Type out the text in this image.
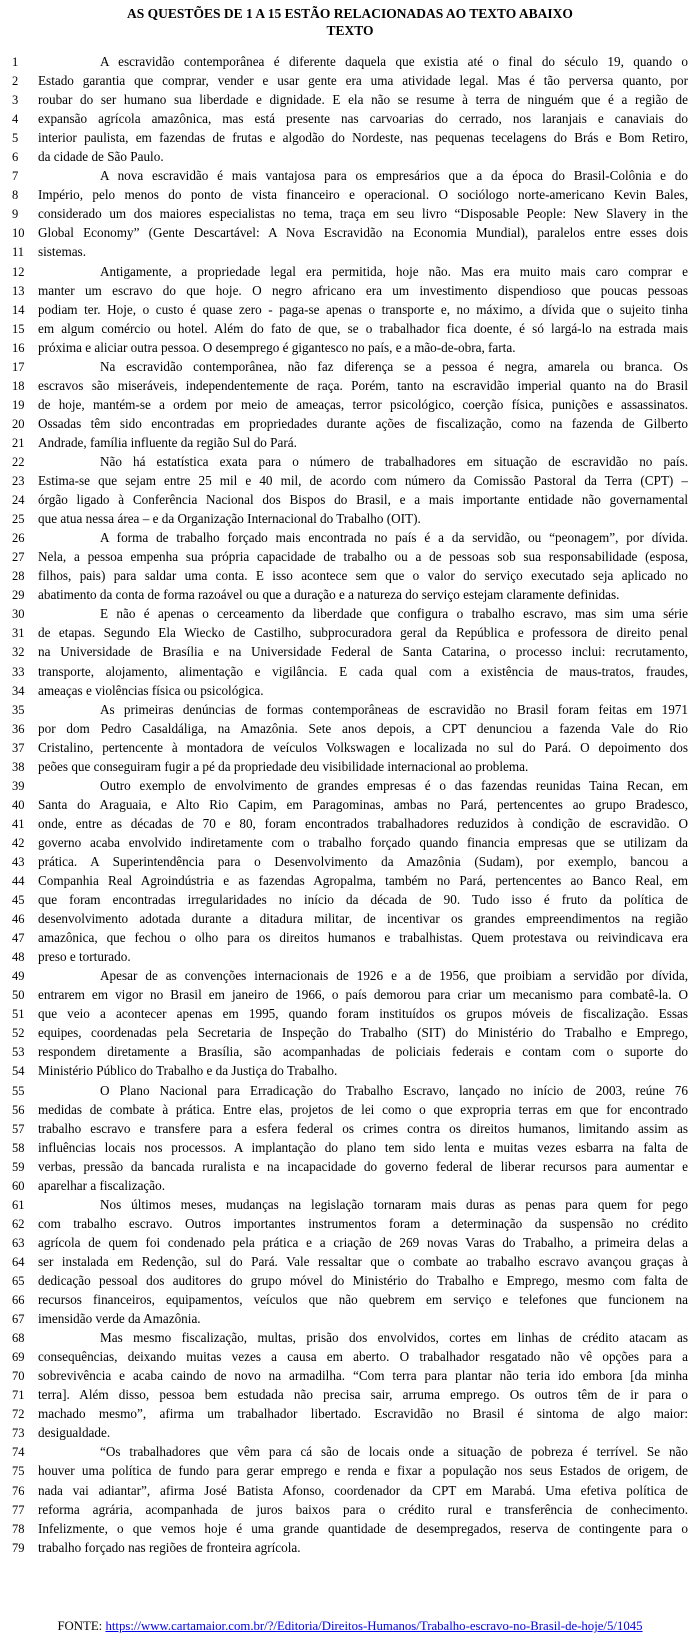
AS QUESTÕES DE 1 A 15 ESTÃO RELACIONADAS AO TEXTO ABAIXO
TEXTO
1	A escravidão contemporânea é diferente daquela que existia até o final do século 19, quando o
2	Estado garantia que comprar, vender e usar gente era uma atividade legal. Mas é tão perversa quanto, por
3	roubar do ser humano sua liberdade e dignidade. E ela não se resume à terra de ninguém que é a região de
4	expansão agrícola amazônica, mas está presente nas carvoarias do cerrado, nos laranjais e canaviais do
5	interior paulista, em fazendas de frutas e algodão do Nordeste, nas pequenas tecelagens do Brás e Bom Retiro,
6	da cidade de São Paulo.
7	A nova escravidão é mais vantajosa para os empresários que a da época do Brasil-Colônia e do
8	Império, pelo menos do ponto de vista financeiro e operacional. O sociólogo norte-americano Kevin Bales,
9	considerado um dos maiores especialistas no tema, traça em seu livro “Disposable People: New Slavery in the
10	Global Economy” (Gente Descartável: A Nova Escravidão na Economia Mundial), paralelos entre esses dois
11	sistemas.
12	Antigamente, a propriedade legal era permitida, hoje não. Mas era muito mais caro comprar e
13	manter um escravo do que hoje. O negro africano era um investimento dispendioso que poucas pessoas
14	podiam ter. Hoje, o custo é quase zero - paga-se apenas o transporte e, no máximo, a dívida que o sujeito tinha
15	em algum comércio ou hotel. Além do fato de que, se o trabalhador fica doente, é só largá-lo na estrada mais
16	próxima e aliciar outra pessoa. O desemprego é gigantesco no país, e a mão-de-obra, farta.
17	Na escravidão contemporânea, não faz diferença se a pessoa é negra, amarela ou branca. Os
18	escravos são miseráveis, independentemente de raça. Porém, tanto na escravidão imperial quanto na do Brasil
19	de hoje, mantém-se a ordem por meio de ameaças, terror psicológico, coerção física, punições e assassinatos.
20	Ossadas têm sido encontradas em propriedades durante ações de fiscalização, como na fazenda de Gilberto
21	Andrade, família influente da região Sul do Pará.
22	Não há estatística exata para o número de trabalhadores em situação de escravidão no país.
23	Estima-se que sejam entre 25 mil e 40 mil, de acordo com número da Comissão Pastoral da Terra (CPT) –
24	órgão ligado à Conferência Nacional dos Bispos do Brasil, e a mais importante entidade não governamental
25	que atua nessa área – e da Organização Internacional do Trabalho (OIT).
26	A forma de trabalho forçado mais encontrada no país é a da servidão, ou “peonagem”, por dívida.
27	Nela, a pessoa empenha sua própria capacidade de trabalho ou a de pessoas sob sua responsabilidade (esposa,
28	filhos, pais) para saldar uma conta. E isso acontece sem que o valor do serviço executado seja aplicado no
29	abatimento da conta de forma razoável ou que a duração e a natureza do serviço estejam claramente definidas.
30	E não é apenas o cerceamento da liberdade que configura o trabalho escravo, mas sim uma série
31	de etapas. Segundo Ela Wiecko de Castilho, subprocuradora geral da República e professora de direito penal
32	na Universidade de Brasília e na Universidade Federal de Santa Catarina, o processo inclui: recrutamento,
33	transporte, alojamento, alimentação e vigilância. E cada qual com a existência de maus-tratos, fraudes,
34	ameaças e violências física ou psicológica.
35	As primeiras denúncias de formas contemporâneas de escravidão no Brasil foram feitas em 1971
36	por dom Pedro Casaldáliga, na Amazônia. Sete anos depois, a CPT denunciou a fazenda Vale do Rio
37	Cristalino, pertencente à montadora de veículos Volkswagen e localizada no sul do Pará. O depoimento dos
38	peões que conseguiram fugir a pé da propriedade deu visibilidade internacional ao problema.
39	Outro exemplo de envolvimento de grandes empresas é o das fazendas reunidas Taina Recan, em
40	Santa do Araguaia, e Alto Rio Capim, em Paragominas, ambas no Pará, pertencentes ao grupo Bradesco,
41	onde, entre as décadas de 70 e 80, foram encontrados trabalhadores reduzidos à condição de escravidão. O
42	governo acaba envolvido indiretamente com o trabalho forçado quando financia empresas que se utilizam da
43	prática. A Superintendência para o Desenvolvimento da Amazônia (Sudam), por exemplo, bancou a
44	Companhia Real Agroindústria e as fazendas Agropalma, também no Pará, pertencentes ao Banco Real, em
45	que foram encontradas irregularidades no início da década de 90. Tudo isso é fruto da política de
46	desenvolvimento adotada durante a ditadura militar, de incentivar os grandes empreendimentos na região
47	amazônica, que fechou o olho para os direitos humanos e trabalhistas. Quem protestava ou reivindicava era
48	preso e torturado.
49	Apesar de as convenções internacionais de 1926 e a de 1956, que proibiam a servidão por dívida,
50	entrarem em vigor no Brasil em janeiro de 1966, o país demorou para criar um mecanismo para combatê-la. O
51	que veio a acontecer apenas em 1995, quando foram instituídos os grupos móveis de fiscalização. Essas
52	equipes, coordenadas pela Secretaria de Inspeção do Trabalho (SIT) do Ministério do Trabalho e Emprego,
53	respondem diretamente a Brasília, são acompanhadas de policiais federais e contam com o suporte do
54	Ministério Público do Trabalho e da Justiça do Trabalho.
55	O Plano Nacional para Erradicação do Trabalho Escravo, lançado no início de 2003, reúne 76
56	medidas de combate à prática. Entre elas, projetos de lei como o que expropria terras em que for encontrado
57	trabalho escravo e transfere para a esfera federal os crimes contra os direitos humanos, limitando assim as
58	influências locais nos processos. A implantação do plano tem sido lenta e muitas vezes esbarra na falta de
59	verbas, pressão da bancada ruralista e na incapacidade do governo federal de liberar recursos para aumentar e
60	aparelhar a fiscalização.
61	Nos últimos meses, mudanças na legislação tornaram mais duras as penas para quem for pego
62	com trabalho escravo. Outros importantes instrumentos foram a determinação da suspensão no crédito
63	agrícola de quem foi condenado pela prática e a criação de 269 novas Varas do Trabalho, a primeira delas a
64	ser instalada em Redenção, sul do Pará. Vale ressaltar que o combate ao trabalho escravo avançou graças à
65	dedicação pessoal dos auditores do grupo móvel do Ministério do Trabalho e Emprego, mesmo com falta de
66	recursos financeiros, equipamentos, veículos que não quebrem em serviço e telefones que funcionem na
67	imensidão verde da Amazônia.
68	Mas mesmo fiscalização, multas, prisão dos envolvidos, cortes em linhas de crédito atacam as
69	consequências, deixando muitas vezes a causa em aberto. O trabalhador resgatado não vê opções para a
70	sobrevivência e acaba caindo de novo na armadilha. “Com terra para plantar não teria ido embora [da minha
71	terra]. Além disso, pessoa bem estudada não precisa sair, arruma emprego. Os outros têm de ir para o
72	machado mesmo”, afirma um trabalhador libertado. Escravidão no Brasil é sintoma de algo maior:
73	desigualdade.
74	“Os trabalhadores que vêm para cá são de locais onde a situação de pobreza é terrível. Se não
75	houver uma política de fundo para gerar emprego e renda e fixar a população nos seus Estados de origem, de
76	nada vai adiantar”, afirma José Batista Afonso, coordenador da CPT em Marabá. Uma efetiva política de
77	reforma agrária, acompanhada de juros baixos para o crédito rural e transferência de conhecimento.
78	Infelizmente, o que vemos hoje é uma grande quantidade de desempregados, reserva de contingente para o
79	trabalho forçado nas regiões de fronteira agrícola.
FONTE: https://www.cartamaior.com.br/?/Editoria/Direitos-Humanos/Trabalho-escravo-no-Brasil-de-hoje/5/1045
